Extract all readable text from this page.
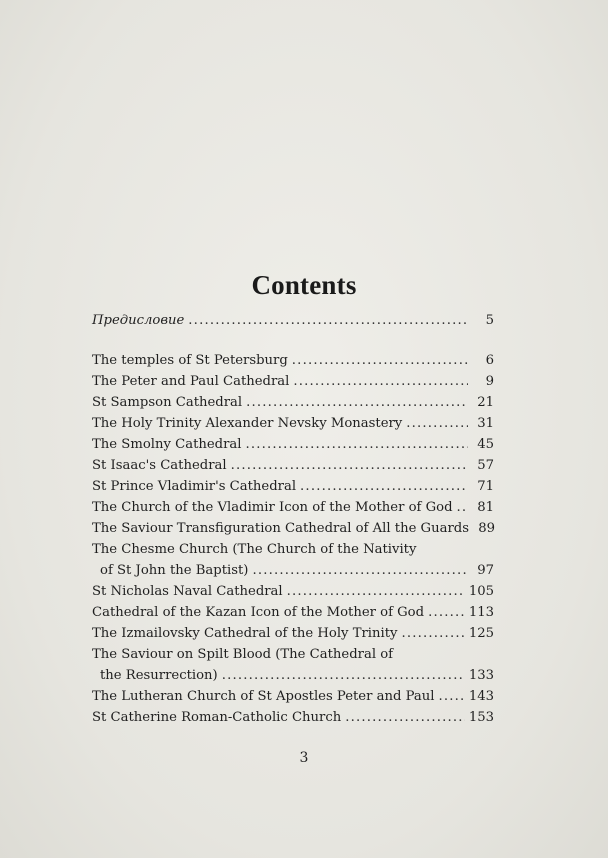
Contents
Предисловие . . .	5
The temples of St Petersburg . . .	6
The Peter and Paul Cathedral . . .	9
St Sampson Cathedral . . .	21
The Holy Trinity Alexander Nevsky Monastery . . .	31
The Smolny Cathedral . . .	45
St Isaac's Cathedral . . .	57
St Prince Vladimir's Cathedral . . .	71
The Church of the Vladimir Icon of the Mother of God . . .	81
The Saviour Transfiguration Cathedral of All the Guards 89
The Chesme Church (The Church of the Nativity
of St John the Baptist) . . .	97
St Nicholas Naval Cathedral . . .	105
Cathedral of the Kazan Icon of the Mother of God . . .	113
The Izmailovsky Cathedral of the Holy Trinity . . .	125
The Saviour on Spilt Blood (The Cathedral of
the Resurrection) . . .	133
The Lutheran Church of St Apostles Peter and Paul . . .	143
St Catherine Roman-Catholic Church . . .	153
3
